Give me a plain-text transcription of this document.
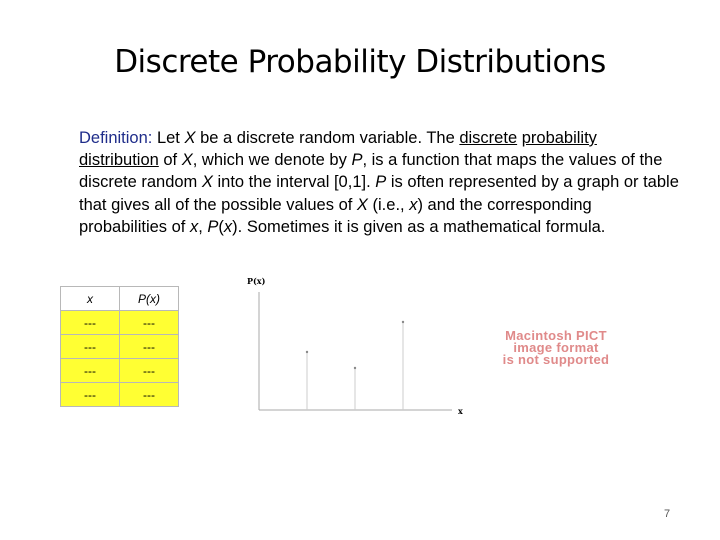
Discrete Probability Distributions
Definition: Let X be a discrete random variable. The discrete probability distribution of X, which we denote by P, is a function that maps the values of the discrete random X into the interval [0,1]. P is often represented by a graph or table that gives all of the possible values of X (i.e., x) and the corresponding probabilities of x, P(x). Sometimes it is given as a mathematical formula.
x	P(x)
---	---
---	---
---	---
---	---
P(x)
x
Macintosh PICT
image format
is not supported
7
